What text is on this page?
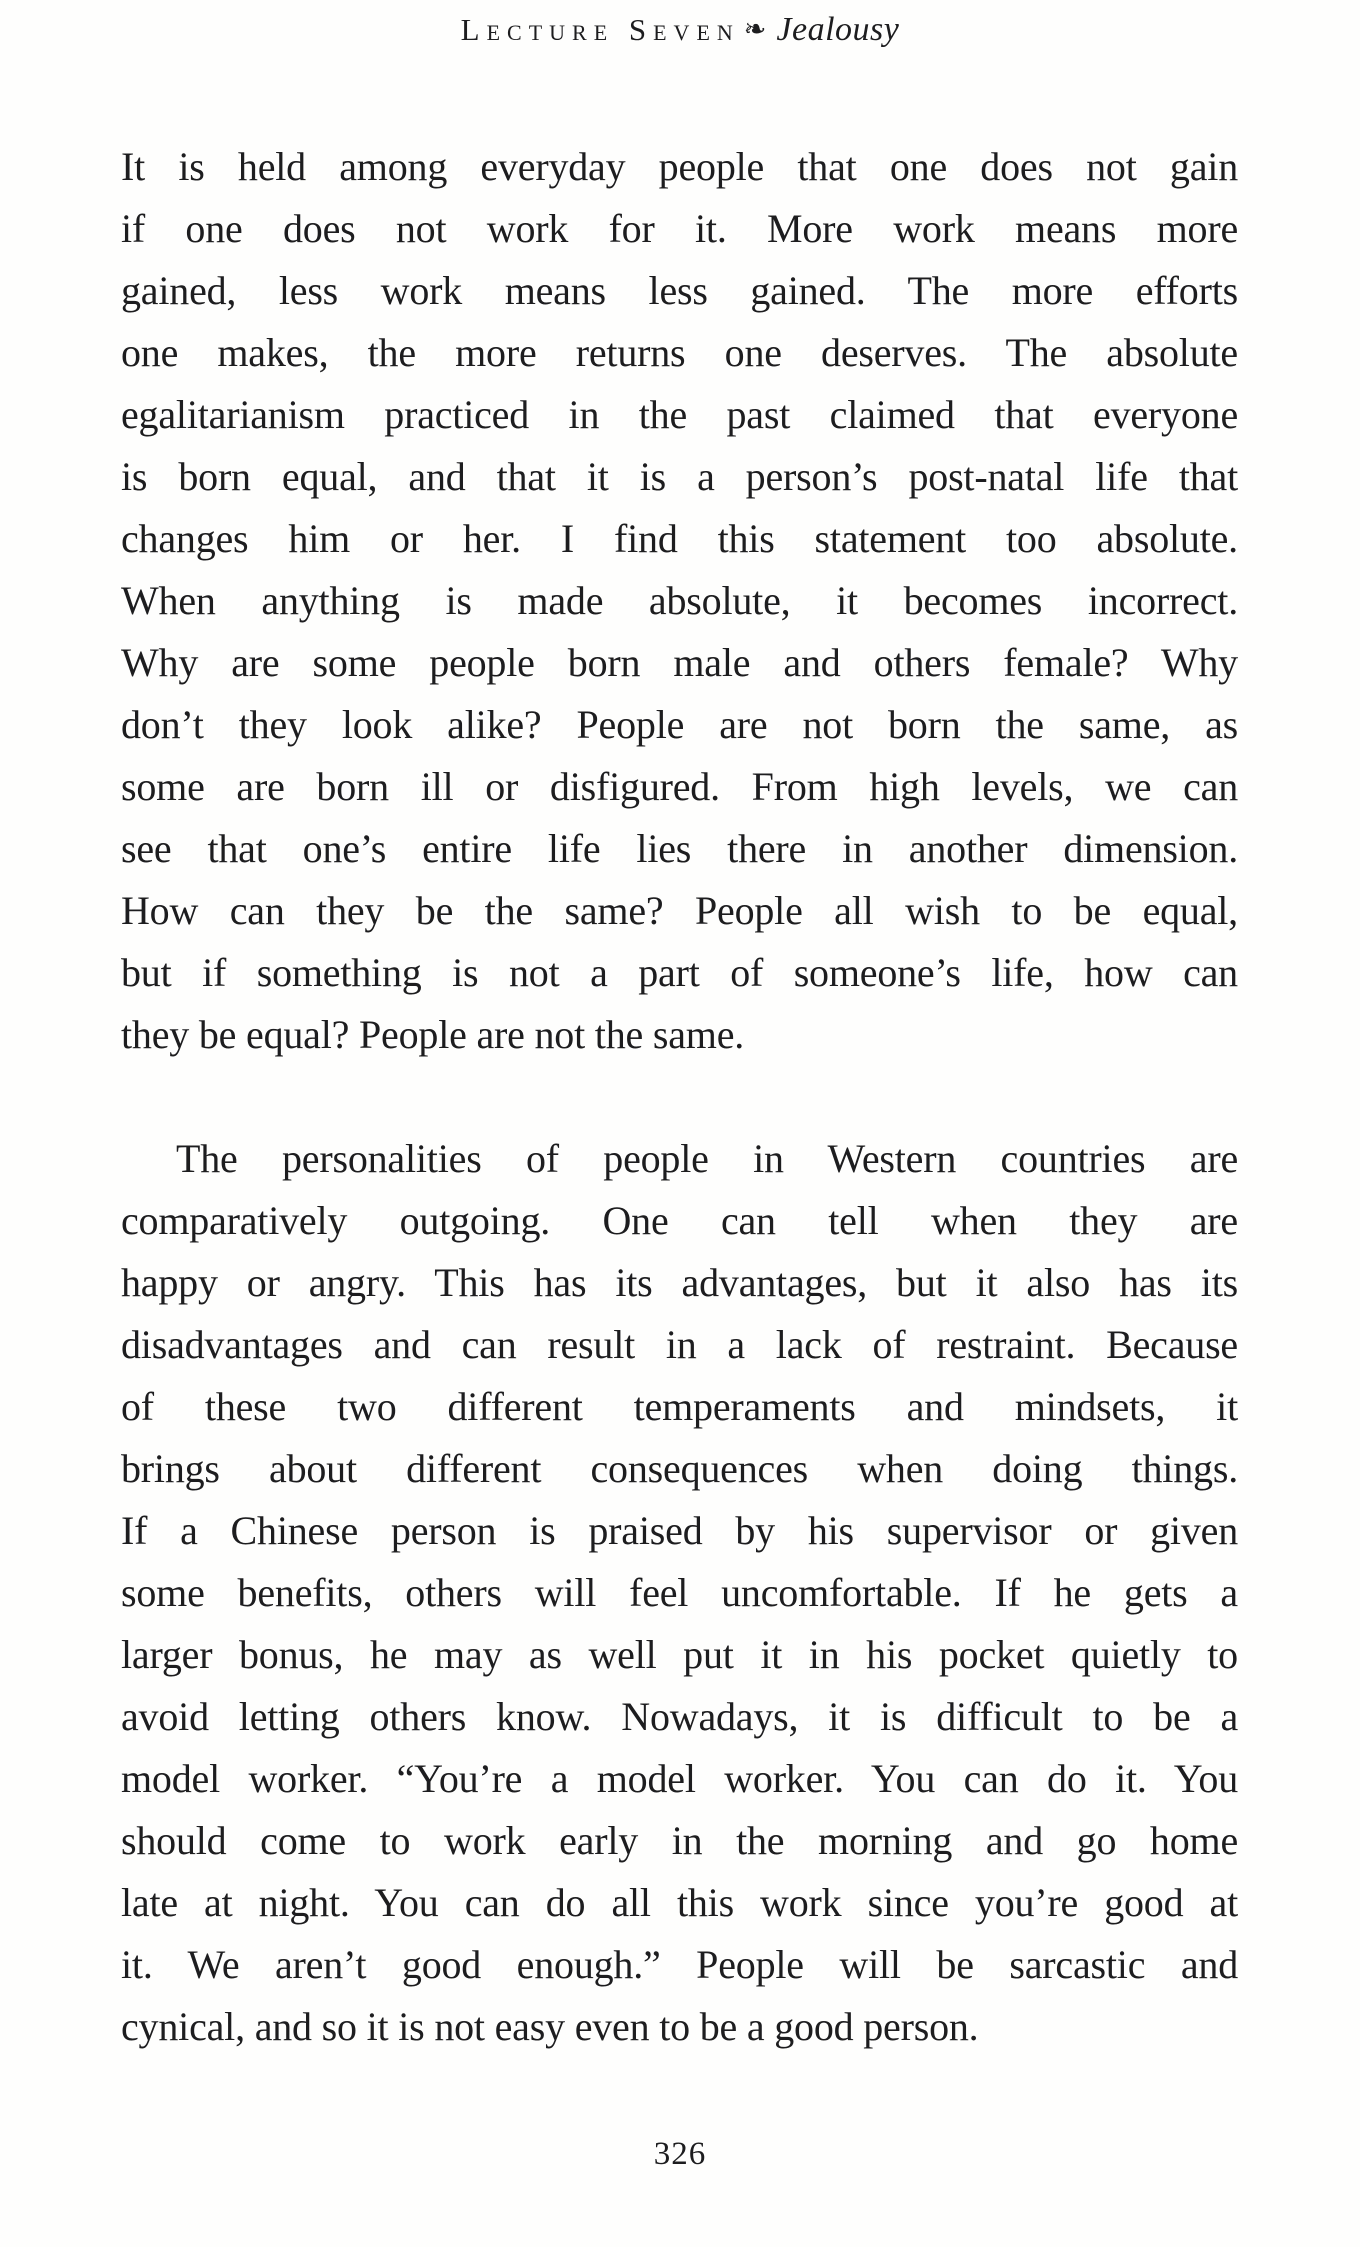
Lecture Seven ❧ Jealousy
It is held among everyday people that one does not gain
if one does not work for it. More work means more
gained, less work means less gained. The more efforts
one makes, the more returns one deserves. The absolute
egalitarianism practiced in the past claimed that everyone
is born equal, and that it is a person’s post-natal life that
changes him or her. I find this statement too absolute.
When anything is made absolute, it becomes incorrect.
Why are some people born male and others female? Why
don’t they look alike? People are not born the same, as
some are born ill or disfigured. From high levels, we can
see that one’s entire life lies there in another dimension.
How can they be the same? People all wish to be equal,
but if something is not a part of someone’s life, how can
they be equal? People are not the same.
The personalities of people in Western countries are
comparatively outgoing. One can tell when they are
happy or angry. This has its advantages, but it also has its
disadvantages and can result in a lack of restraint. Because
of these two different temperaments and mindsets, it
brings about different consequences when doing things.
If a Chinese person is praised by his supervisor or given
some benefits, others will feel uncomfortable. If he gets a
larger bonus, he may as well put it in his pocket quietly to
avoid letting others know. Nowadays, it is difficult to be a
model worker. “You’re a model worker. You can do it. You
should come to work early in the morning and go home
late at night. You can do all this work since you’re good at
it. We aren’t good enough.” People will be sarcastic and
cynical, and so it is not easy even to be a good person.
326
